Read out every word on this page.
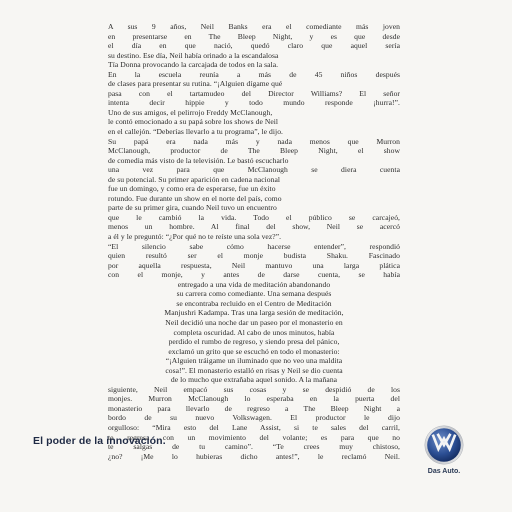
A sus 9 años, Neil Banks era el comediante más joven
en presentarse en The Bleep Night, y es que desde
el día en que nació, quedó claro que aquel sería
su destino. Ese día, Neil había orinado a la escandalosa
Tía Donna provocando la carcajada de todos en la sala.
En la escuela reunía a más de 45 niños después
de clases para presentar su rutina. “¡Alguien dígame qué
pasa con el tartamudeo del Director Williams? El señor
intenta decir hippie y todo mundo responde ¡hurra!”.
Uno de sus amigos, el pelirrojo Freddy McClanough,
le contó emocionado a su papá sobre los shows de Neil
en el callejón. “Deberías llevarlo a tu programa”, le dijo.
Su papá era nada más y nada menos que Murron
McClanough, productor de The Bleep Night, el show
de comedia más visto de la televisión. Le bastó escucharlo
una vez para que McClanough se diera cuenta
de su potencial. Su primer aparición en cadena nacional
fue un domingo, y como era de esperarse, fue un éxito
rotundo. Fue durante un show en el norte del país, como
parte de su primer gira, cuando Neil tuvo un encuentro
que le cambió la vida. Todo el público se carcajeó,
menos un hombre. Al final del show, Neil se acercó
a él y le preguntó: “¿Por qué no te reíste una sola vez?”.
“El silencio sabe cómo hacerse entender”, respondió
quien resultó ser el monje budista Shaku. Fascinado
por aquella respuesta, Neil mantuvo una larga plática
con el monje, y antes de darse cuenta, se había
entregado a una vida de meditación abandonando
su carrera como comediante. Una semana después
se encontraba recluido en el Centro de Meditación
Manjushri Kadampa. Tras una larga sesión de meditación,
Neil decidió una noche dar un paseo por el monasterio en
completa oscuridad. Al cabo de unos minutos, había
perdido el rumbo de regreso, y siendo presa del pánico,
exclamó un grito que se escuchó en todo el monasterio:
“¡Alguien tráigame un iluminado que no veo una maldita
cosa!”. El monasterio estalló en risas y Neil se dio cuenta
de lo mucho que extrañaba aquel sonido. A la mañana
siguiente, Neil empacó sus cosas y se despidió de los
monjes. Murron McClanough lo esperaba en la puerta del
monasterio para llevarlo de regreso a The Bleep Night a
bordo de su nuevo Volkswagen. El productor le dijo
orgulloso: “Mira esto del Lane Assist, si te sales del carril,
te regresa con un movimiento del volante; es para que no
te salgas de tu camino”. “Te crees muy chistoso,
¿no? ¡Me lo hubieras dicho antes!”, le reclamó Neil.
El poder de la innovación.
Das Auto.
